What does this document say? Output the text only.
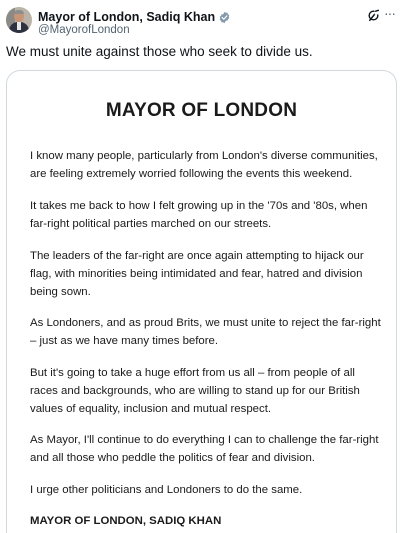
Mayor of London, Sadiq Khan
@MayorofLondon
···
We must unite against those who seek to divide us.
MAYOR OF LONDON
I know many people, particularly from London's diverse communities, are feeling extremely worried following the events this weekend.
It takes me back to how I felt growing up in the '70s and '80s, when far-right political parties marched on our streets.
The leaders of the far-right are once again attempting to hijack our flag, with minorities being intimidated and fear, hatred and division being sown.
As Londoners, and as proud Brits, we must unite to reject the far-right – just as we have many times before.
But it's going to take a huge effort from us all – from people of all races and backgrounds, who are willing to stand up for our British values of equality, inclusion and mutual respect.
As Mayor, I'll continue to do everything I can to challenge the far-right and all those who peddle the politics of fear and division.
I urge other politicians and Londoners to do the same.
MAYOR OF LONDON, SADIQ KHAN
